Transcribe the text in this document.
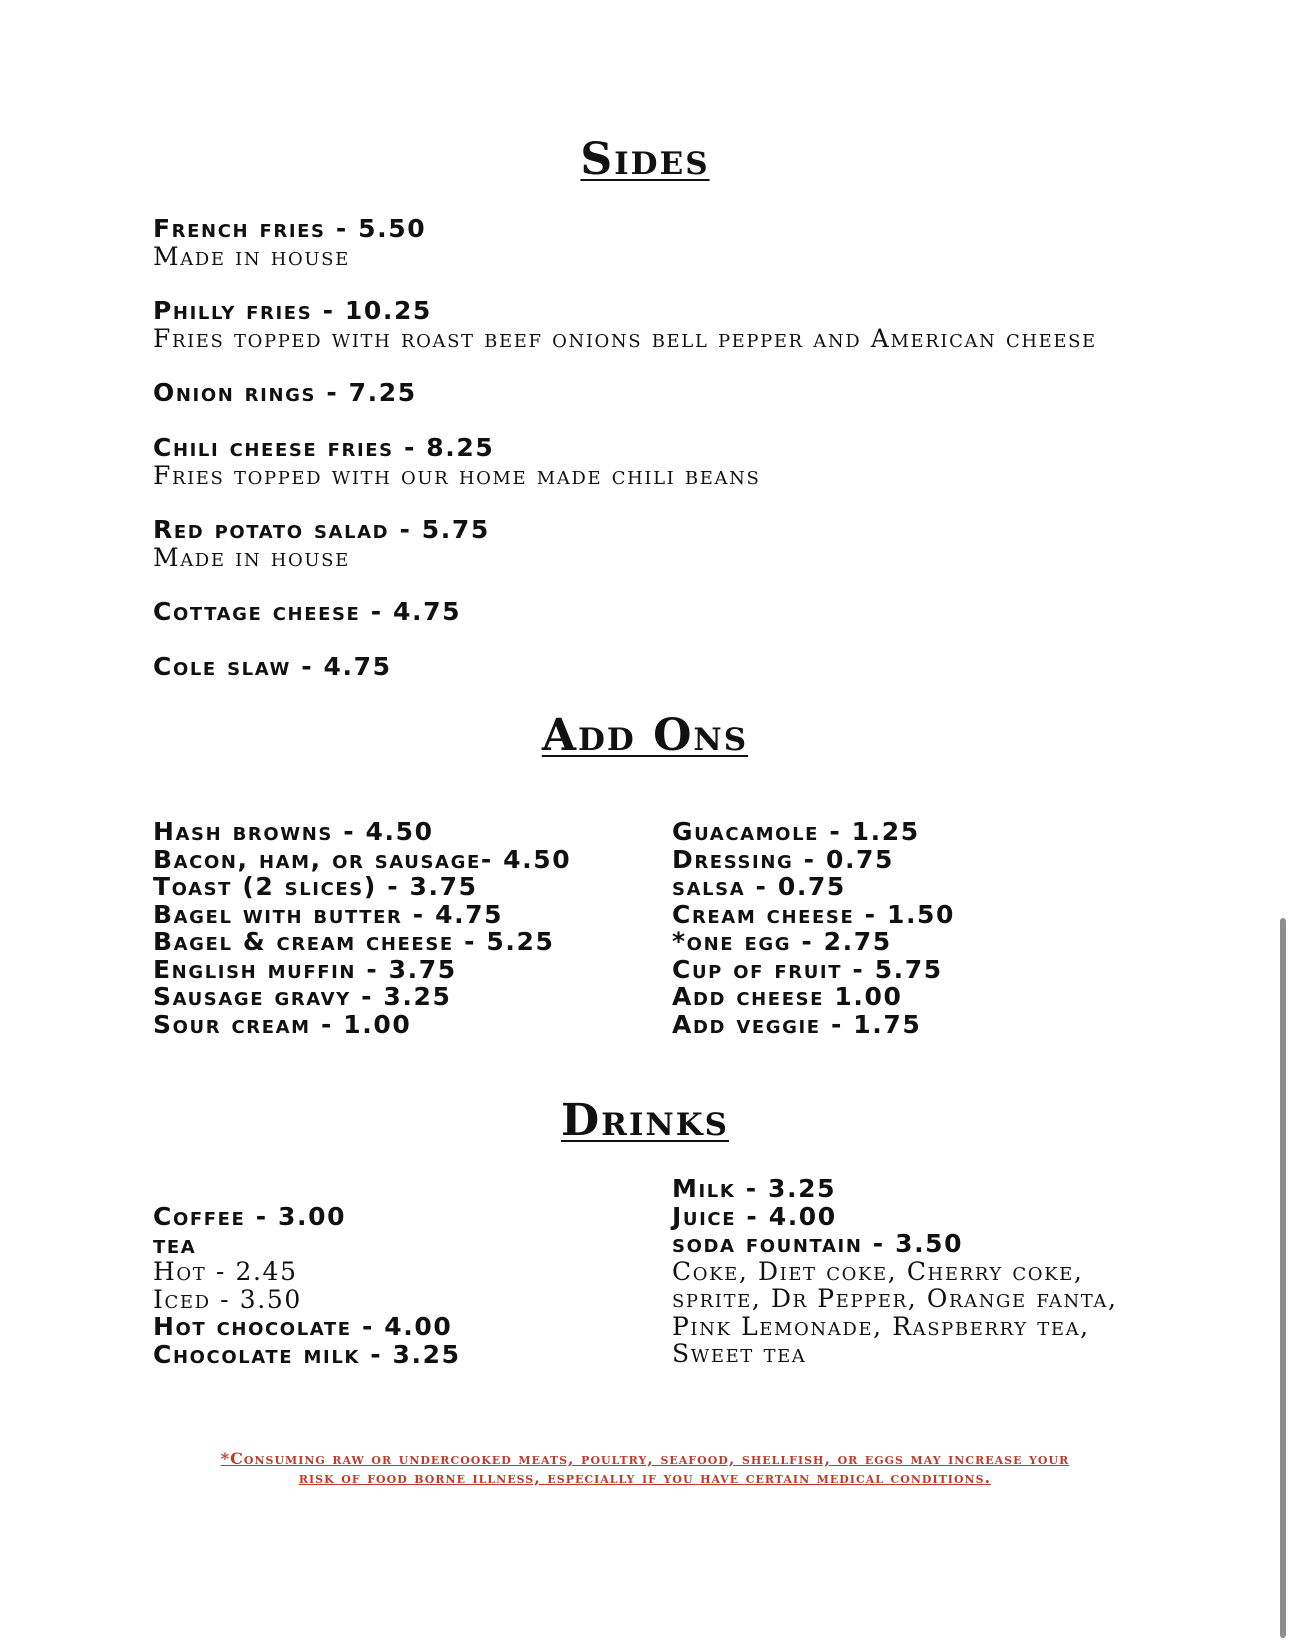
Sides
French fries - 5.50
Made in house
Philly fries - 10.25
Fries topped with roast beef onions bell pepper and American cheese
Onion rings - 7.25
Chili cheese fries - 8.25
Fries topped with our home made chili beans
Red potato salad - 5.75
Made in house
Cottage cheese - 4.75
Cole slaw - 4.75
Add Ons
Hash browns - 4.50
Bacon, ham, or sausage- 4.50
Toast (2 slices) - 3.75
Bagel with butter - 4.75
Bagel & cream cheese - 5.25
English muffin - 3.75
Sausage gravy - 3.25
Sour cream - 1.00
Guacamole - 1.25
Dressing - 0.75
salsa - 0.75
Cream cheese - 1.50
*one egg - 2.75
Cup of fruit - 5.75
Add cheese 1.00
Add veggie - 1.75
Drinks
Coffee - 3.00
tea
Hot - 2.45
Iced - 3.50
Hot chocolate - 4.00
Chocolate milk - 3.25
Milk - 3.25
Juice - 4.00
soda fountain - 3.50
Coke, Diet coke, Cherry coke,
sprite, Dr Pepper, Orange fanta,
Pink Lemonade, Raspberry tea,
Sweet tea
*Consuming raw or undercooked meats, poultry, seafood, shellfish, or eggs may increase your
risk of food borne illness, especially if you have certain medical conditions.
